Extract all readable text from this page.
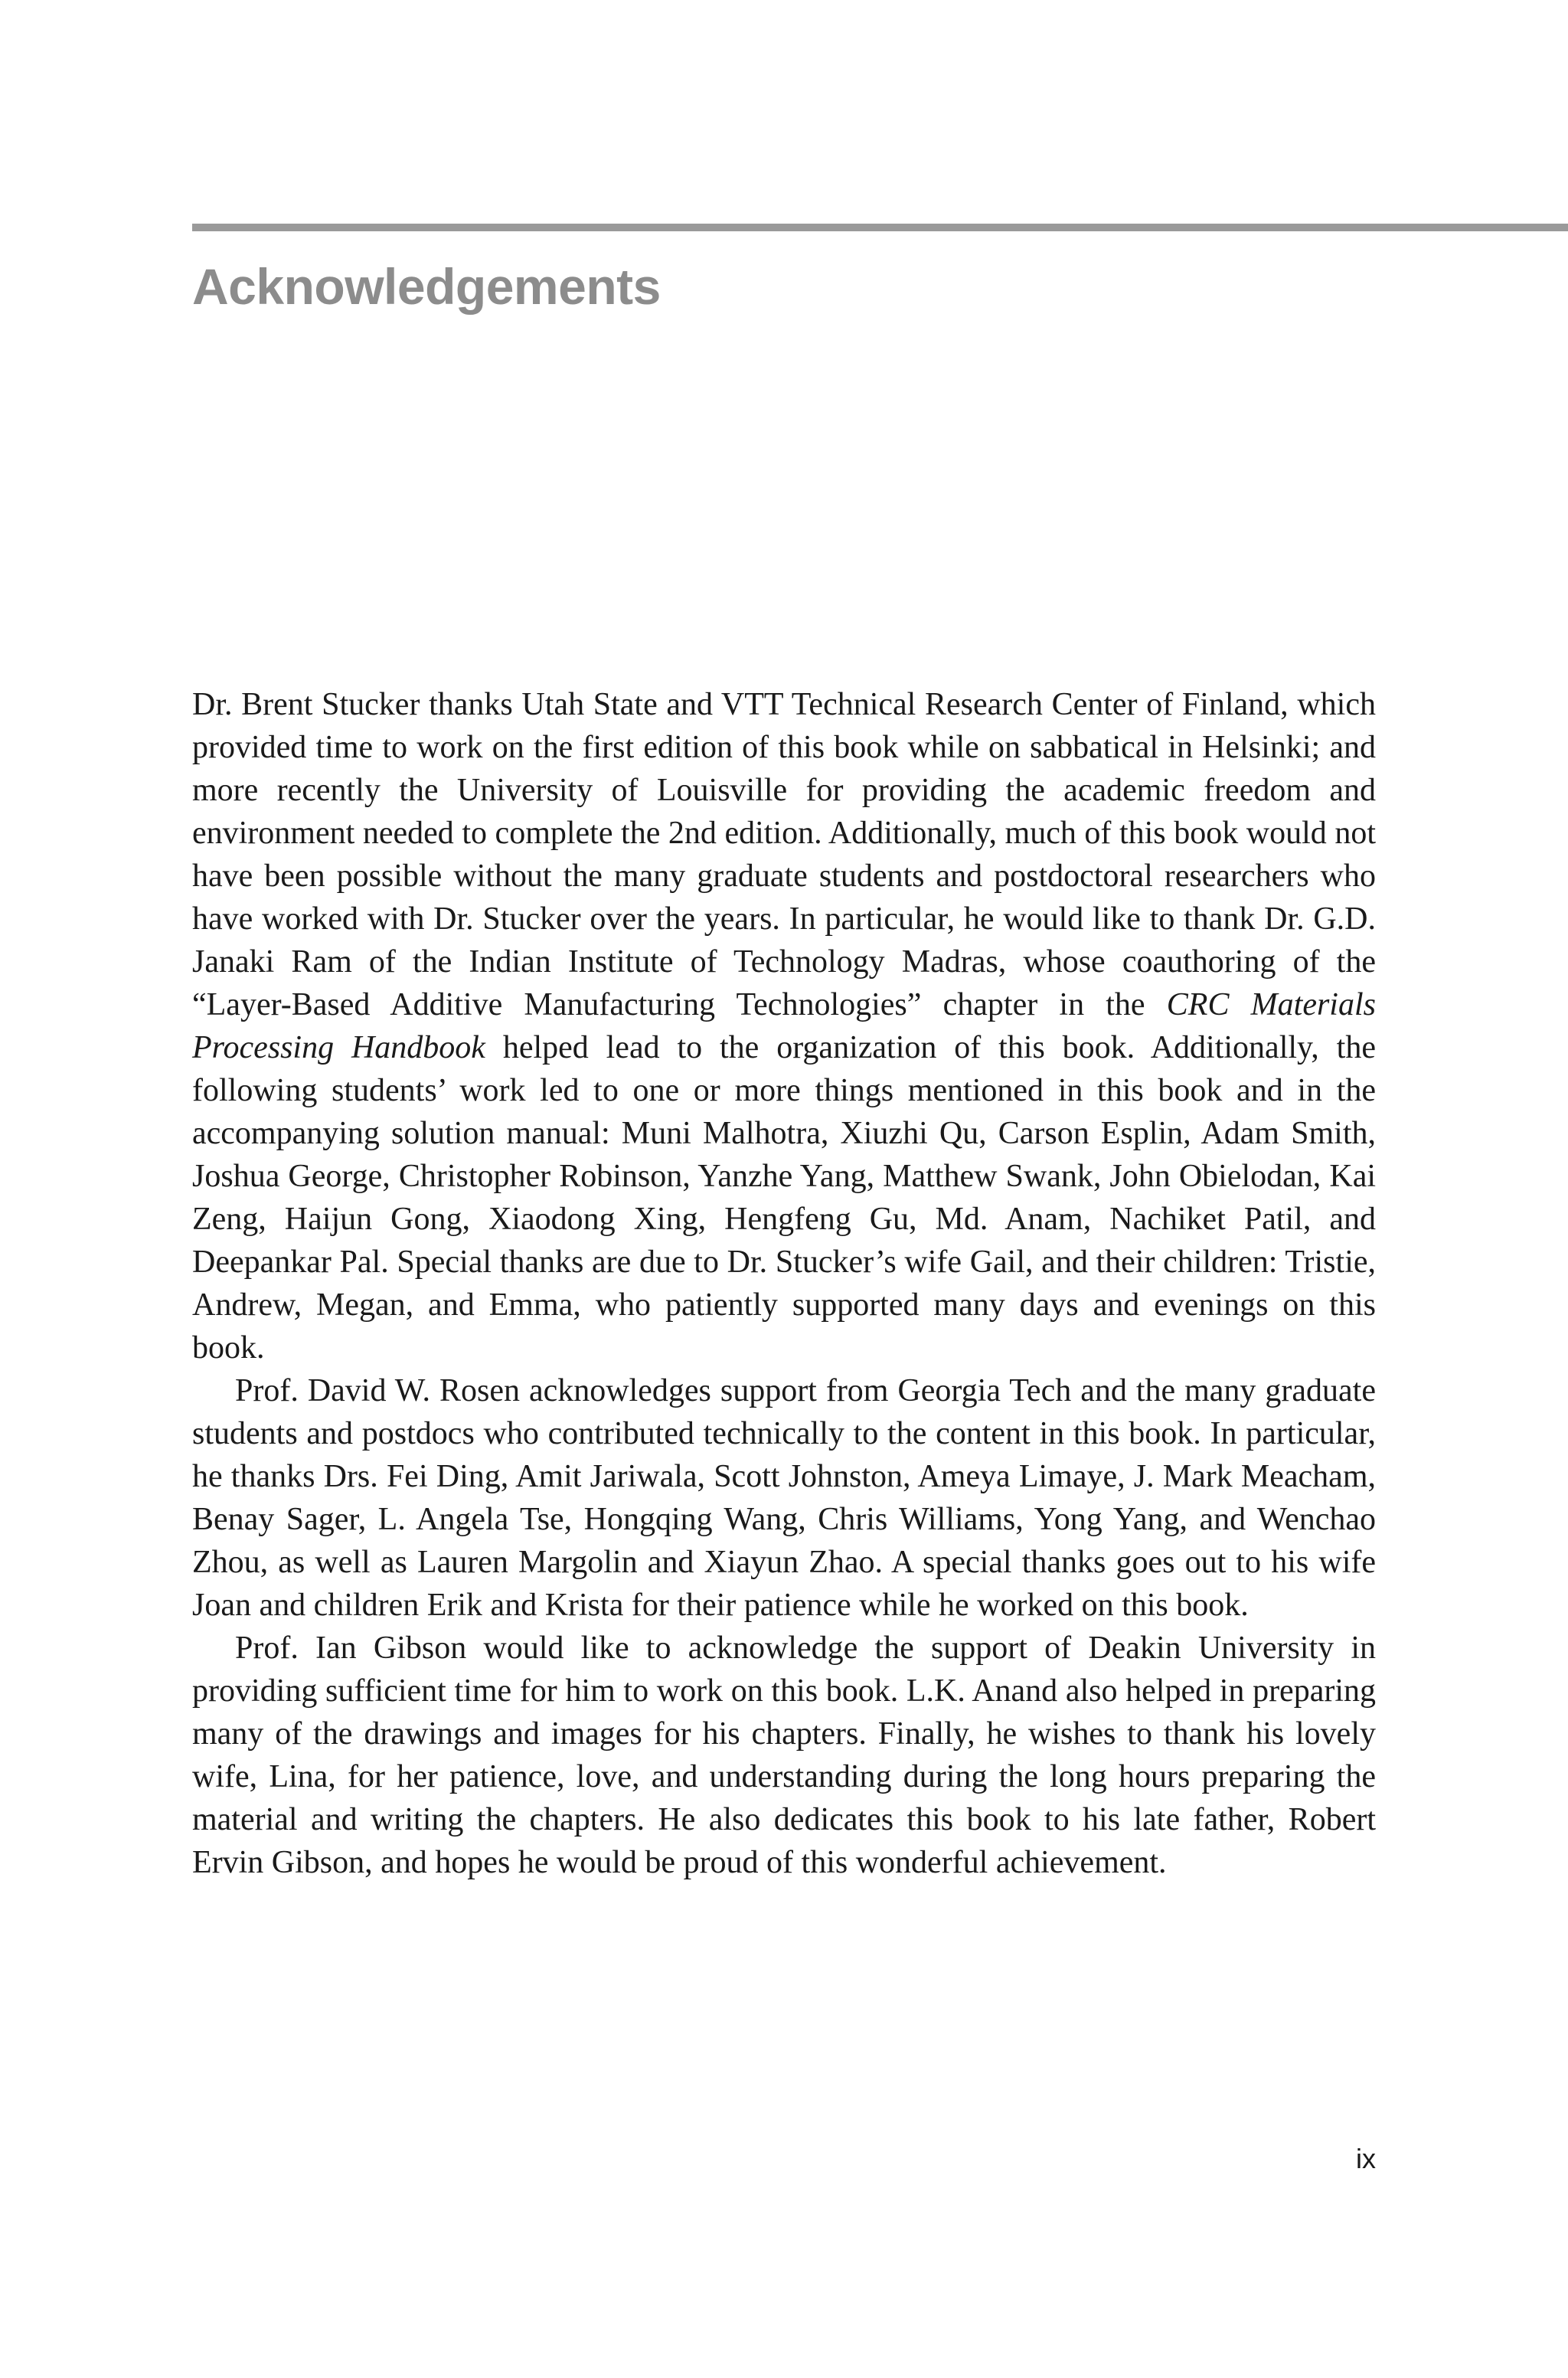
Acknowledgements

Dr. Brent Stucker thanks Utah State and VTT Technical Research Center of Finland, which provided time to work on the first edition of this book while on sabbatical in Helsinki; and more recently the University of Louisville for providing the academic freedom and environment needed to complete the 2nd edition. Additionally, much of this book would not have been possible without the many graduate students and postdoctoral researchers who have worked with Dr. Stucker over the years. In particular, he would like to thank Dr. G.D. Janaki Ram of the Indian Institute of Technology Madras, whose coauthoring of the “Layer-Based Additive Manufacturing Technologies” chapter in the CRC Materials Processing Handbook helped lead to the organization of this book. Additionally, the following students’ work led to one or more things mentioned in this book and in the accompanying solution manual: Muni Malhotra, Xiuzhi Qu, Carson Esplin, Adam Smith, Joshua George, Christopher Robinson, Yanzhe Yang, Matthew Swank, John Obielodan, Kai Zeng, Haijun Gong, Xiaodong Xing, Hengfeng Gu, Md. Anam, Nachiket Patil, and Deepankar Pal. Special thanks are due to Dr. Stucker’s wife Gail, and their children: Tristie, Andrew, Megan, and Emma, who patiently supported many days and evenings on this book.

Prof. David W. Rosen acknowledges support from Georgia Tech and the many graduate students and postdocs who contributed technically to the content in this book. In particular, he thanks Drs. Fei Ding, Amit Jariwala, Scott Johnston, Ameya Limaye, J. Mark Meacham, Benay Sager, L. Angela Tse, Hongqing Wang, Chris Williams, Yong Yang, and Wenchao Zhou, as well as Lauren Margolin and Xiayun Zhao. A special thanks goes out to his wife Joan and children Erik and Krista for their patience while he worked on this book.

Prof. Ian Gibson would like to acknowledge the support of Deakin University in providing sufficient time for him to work on this book. L.K. Anand also helped in preparing many of the drawings and images for his chapters. Finally, he wishes to thank his lovely wife, Lina, for her patience, love, and understanding during the long hours preparing the material and writing the chapters. He also dedicates this book to his late father, Robert Ervin Gibson, and hopes he would be proud of this wonderful achievement.

ix
